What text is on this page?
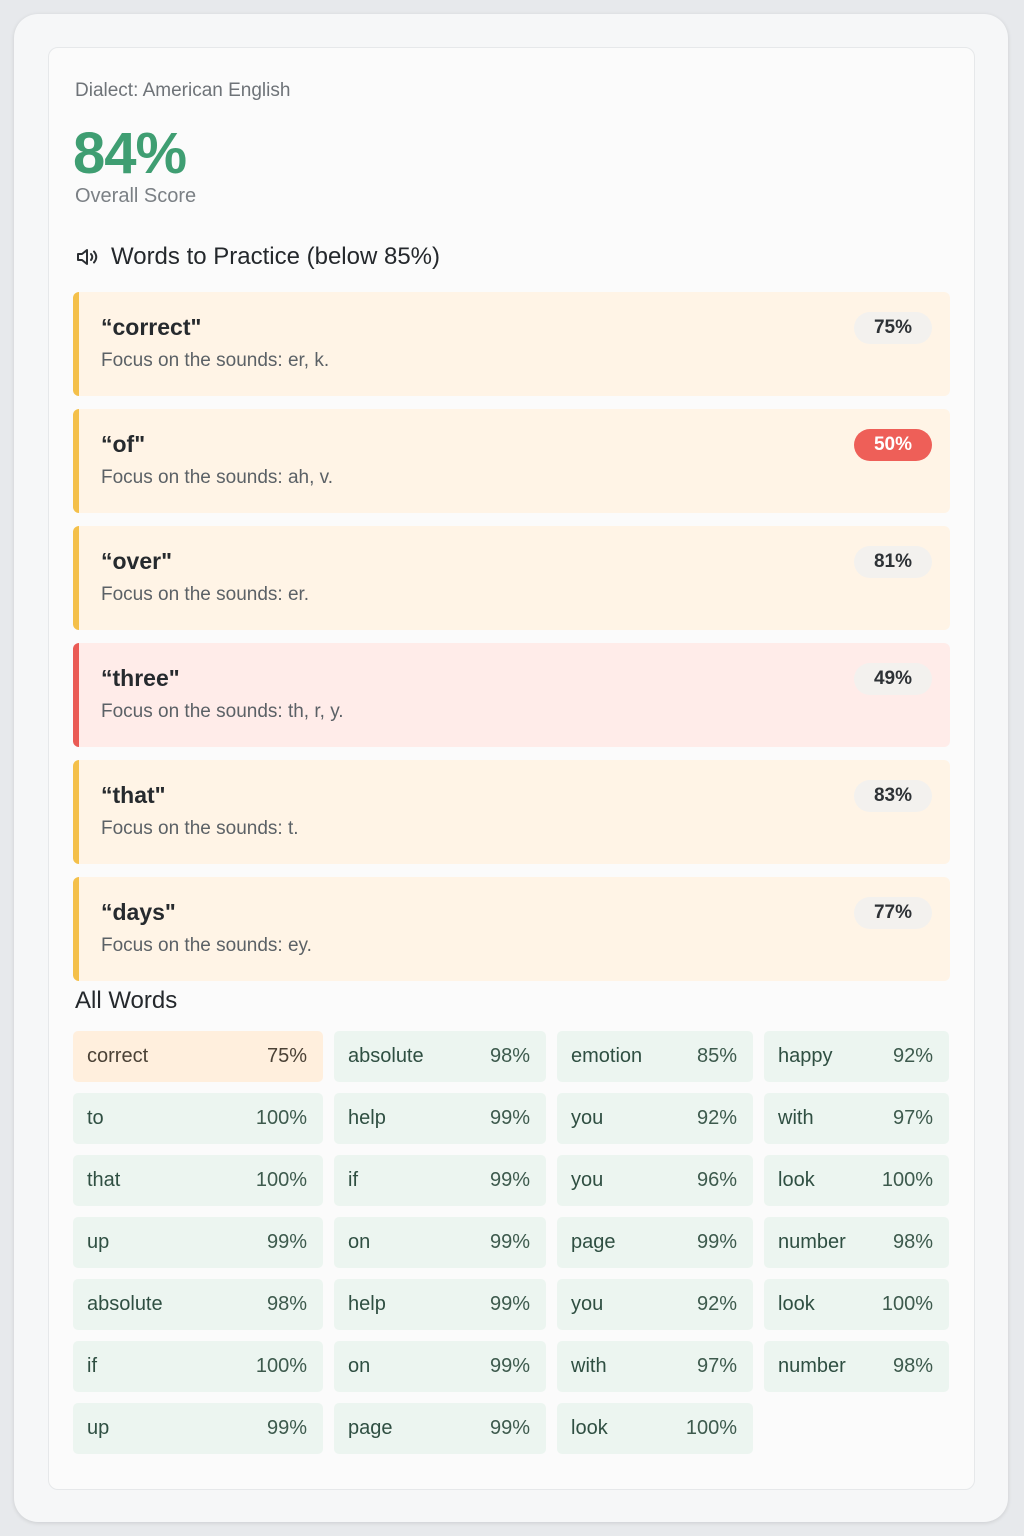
Dialect: American English
84%
Overall Score
Words to Practice (below 85%)
“correct"
Focus on the sounds: er, k.
75%
“of"
Focus on the sounds: ah, v.
50%
“over"
Focus on the sounds: er.
81%
“three"
Focus on the sounds: th, r, y.
49%
“that"
Focus on the sounds: t.
83%
“days"
Focus on the sounds: ey.
77%
All Words
correct	75% absolute	98% emotion	85% happy	92%
to	100% help	99% you	92% with	97%
that	100% if	99% you	96% look	100%
up	99% on	99% page	99% number 98%
absolute	98% help	99% you	92% look	100%
if	100% on	99% with	97% number 98%
up	99% page	99% look	100%
